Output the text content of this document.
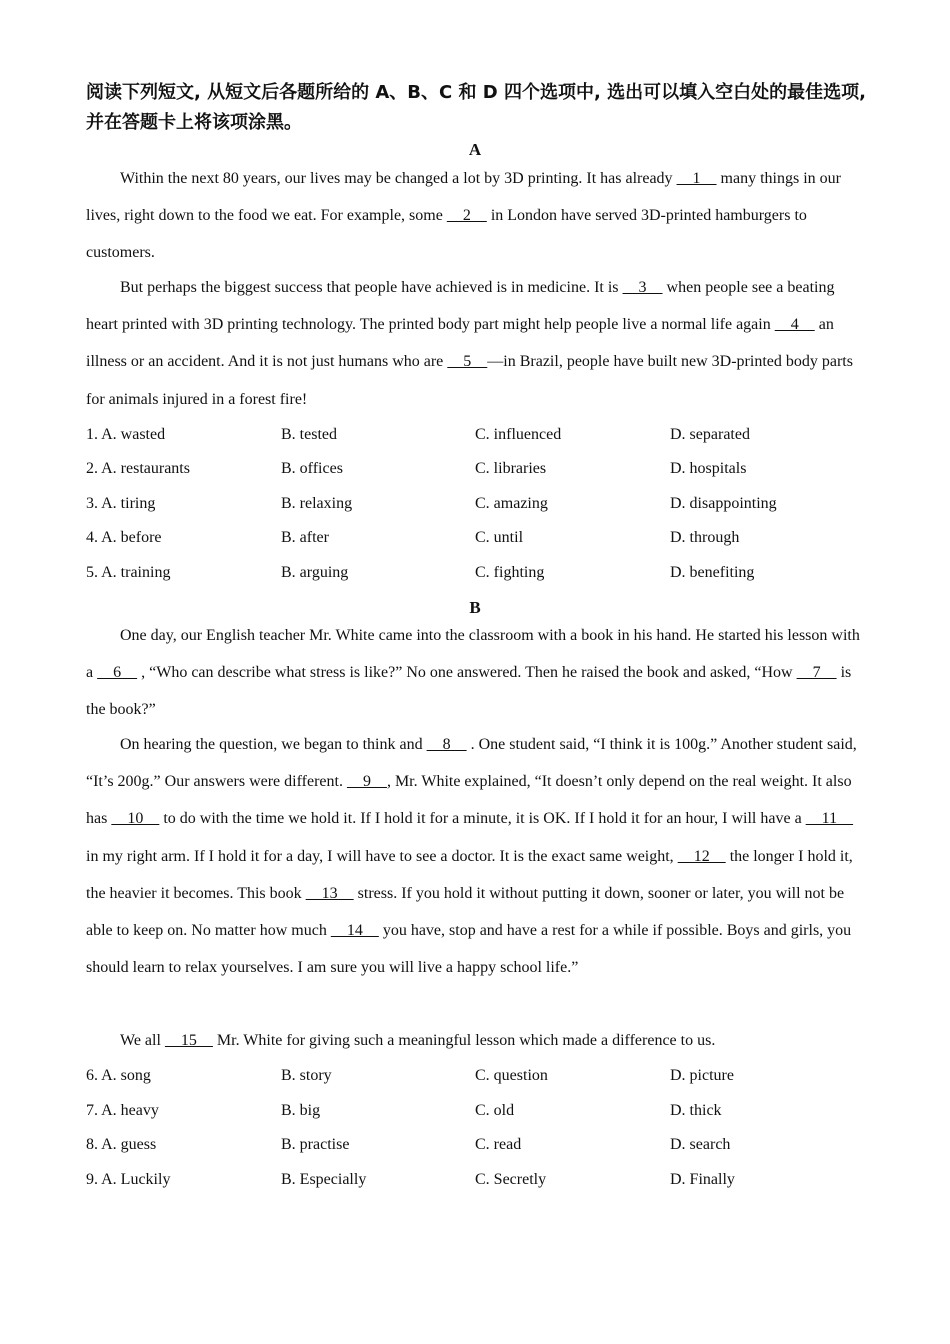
阅读下列短文, 从短文后各题所给的 A、B、C 和 D 四个选项中, 选出可以填入空白处的最佳选项, 并在答题卡上将该项涂黑。
A
Within the next 80 years, our lives may be changed a lot by 3D printing. It has already     1     many things in our lives, right down to the food we eat. For example, some     2     in London have served 3D-printed hamburgers to customers.
But perhaps the biggest success that people have achieved is in medicine. It is     3     when people see a beating heart printed with 3D printing technology. The printed body part might help people live a normal life again     4     an illness or an accident. And it is not just humans who are     5    —in Brazil, people have built new 3D-printed body parts for animals injured in a forest fire!
1. A. wasted	B. tested	C. influenced	D. separated
2. A. restaurants	B. offices	C. libraries	D. hospitals
3. A. tiring	B. relaxing	C. amazing	D. disappointing
4. A. before	B. after	C. until	D. through
5. A. training	B. arguing	C. fighting	D. benefiting
B
One day, our English teacher Mr. White came into the classroom with a book in his hand. He started his lesson with a     6     , “Who can describe what stress is like?” No one answered. Then he raised the book and asked, “How     7     is the book?”
On hearing the question, we began to think and     8     . One student said, “I think it is 100g.” Another student said, “It’s 200g.” Our answers were different.     9    , Mr. White explained, “It doesn’t only depend on the real weight. It also has     10     to do with the time we hold it. If I hold it for a minute, it is OK. If I hold it for an hour, I will have a     11     in my right arm. If I hold it for a day, I will have to see a doctor. It is the exact same weight,     12     the longer I hold it, the heavier it becomes. This book     13     stress. If you hold it without putting it down, sooner or later, you will not be able to keep on. No matter how much     14     you have, stop and have a rest for a while if possible. Boys and girls, you should learn to relax yourselves. I am sure you will live a happy school life.”
We all     15     Mr. White for giving such a meaningful lesson which made a difference to us.
6. A. song	B. story	C. question	D. picture
7. A. heavy	B. big	C. old	D. thick
8. A. guess	B. practise	C. read	D. search
9. A. Luckily	B. Especially	C. Secretly	D. Finally
